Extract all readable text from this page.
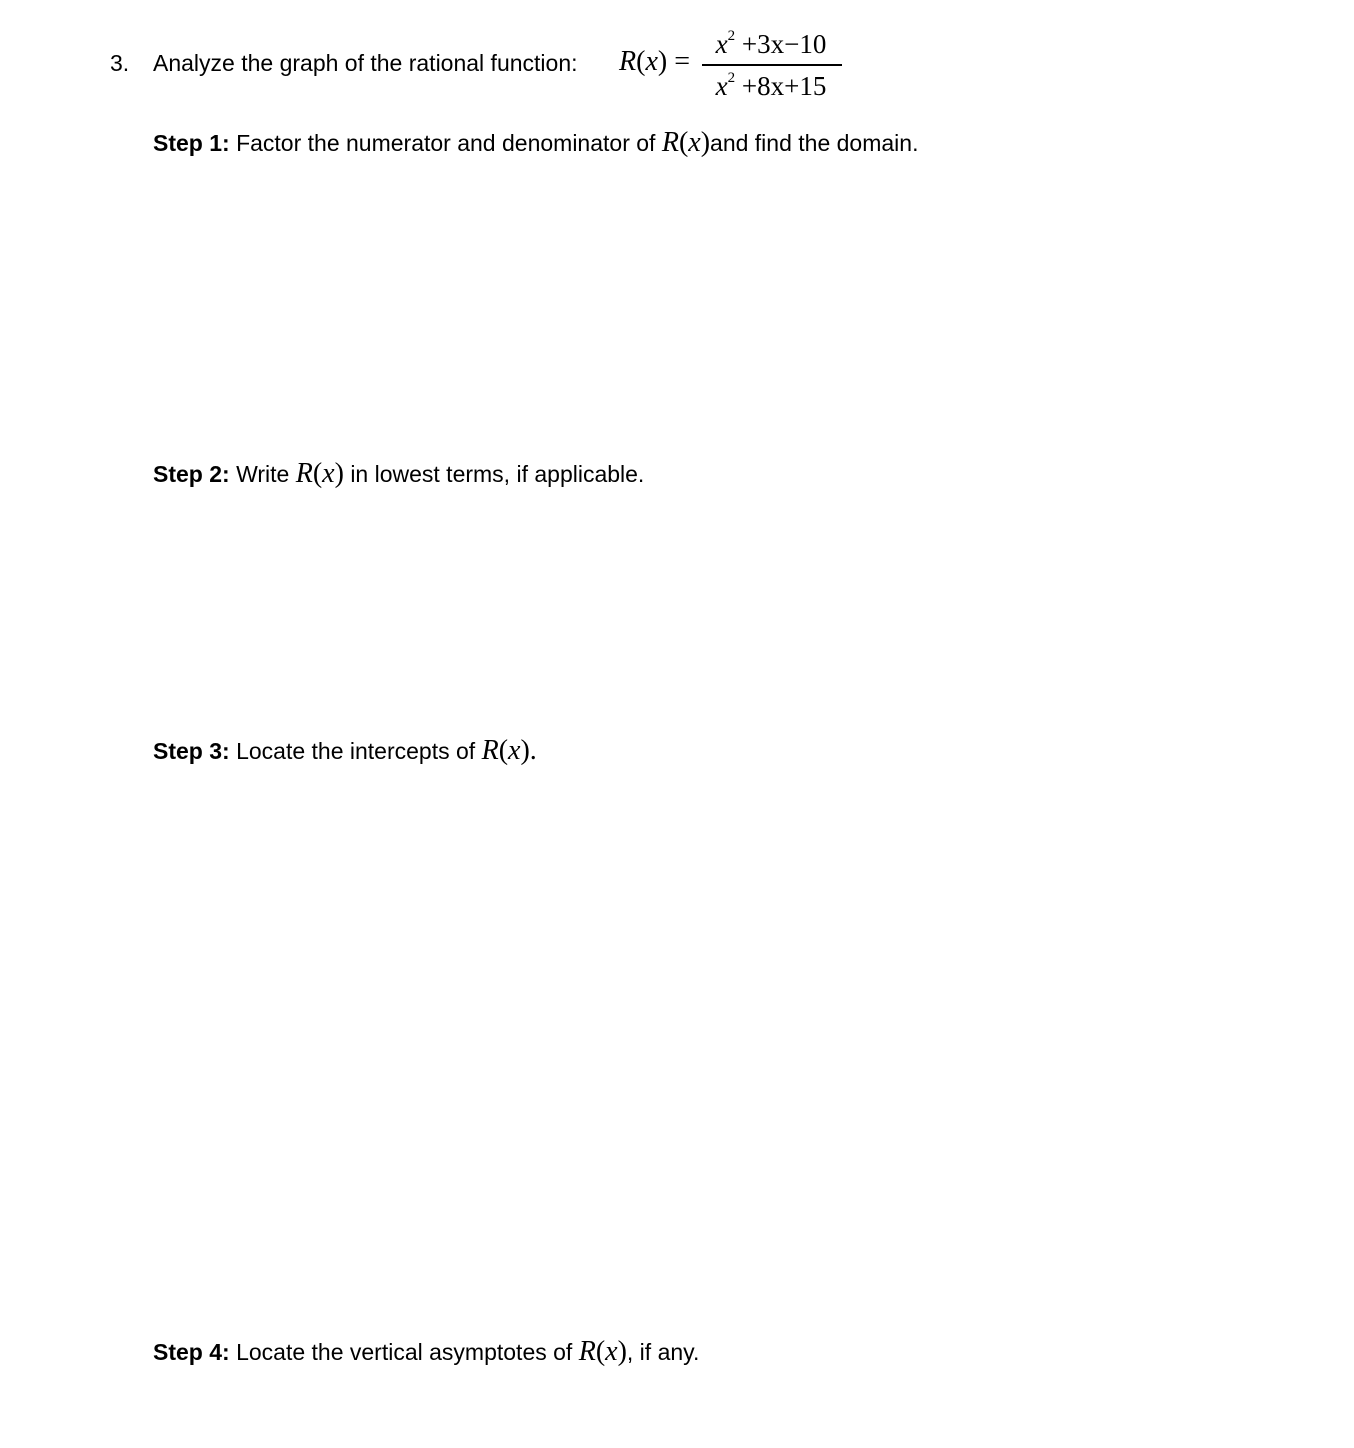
3. Analyze the graph of the rational function: R(x) =
$x^2 +3x-10$
$x^2 +8x+15$
Step 1:
Factor the numerator and denominator of
R(x) and find the domain.
Step 2:
Write
R(x)
in lowest terms, if applicable.
Step 3:
Locate the intercepts of
R(x) .
Step 4:
Locate the vertical asymptotes of
R(x) , if any.
